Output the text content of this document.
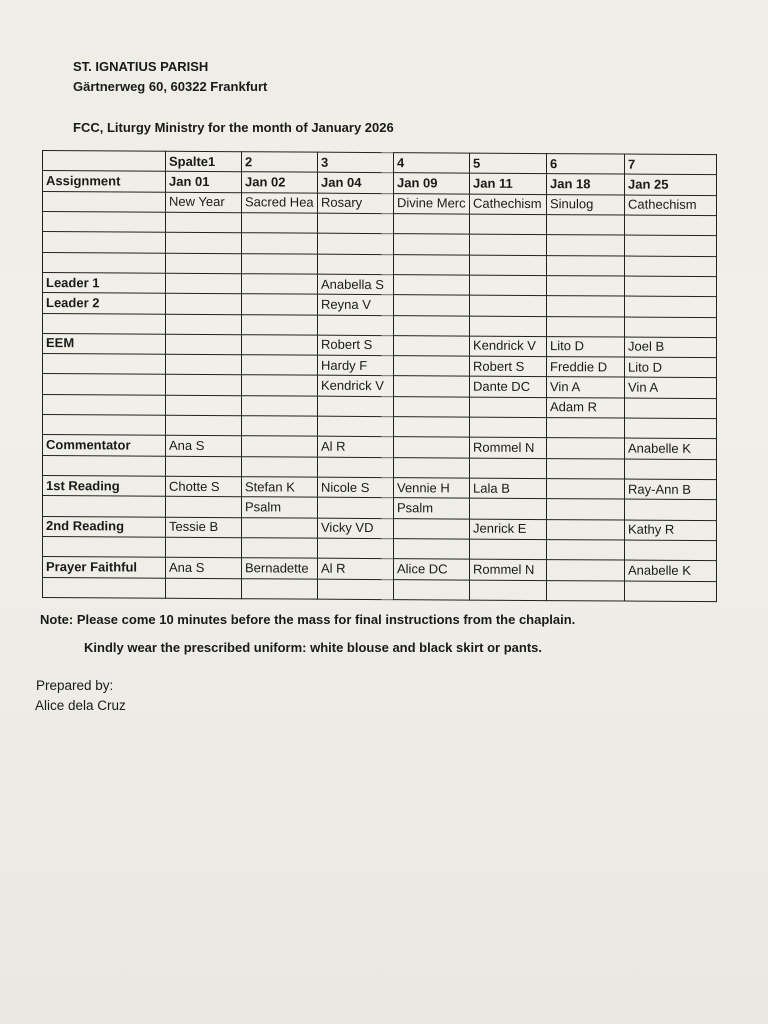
ST. IGNATIUS PARISH
Gärtnerweg 60, 60322 Frankfurt
FCC, Liturgy Ministry for the month of January 2026
	Spalte1	2	3	4	5	6	7
Assignment	Jan 01	Jan 02	Jan 04	Jan 09	Jan 11	Jan 18	Jan 25
	New Year	Sacred Hea	Rosary	Divine Merc	Cathechism	Sinulog	Cathechism

Leader 1			Anabella S				
Leader 2			Reyna V				

EEM			Robert S		Kendrick V	Lito D	Joel B
			Hardy F		Robert S	Freddie D	Lito D
			Kendrick V		Dante DC	Vin A	Vin A
						Adam R	

Commentator	Ana S		Al R		Rommel N		Anabelle K

1st Reading	Chotte S	Stefan K	Nicole S	Vennie H	Lala B		Ray-Ann B
		Psalm		Psalm			
2nd Reading	Tessie B		Vicky VD		Jenrick E		Kathy R

Prayer Faithful	Ana S	Bernadette	Al R	Alice DC	Rommel N		Anabelle K

Note: Please come 10 minutes before the mass for final instructions from the chaplain.
Kindly wear the prescribed uniform: white blouse and black skirt or pants.
Prepared by:
Alice dela Cruz
